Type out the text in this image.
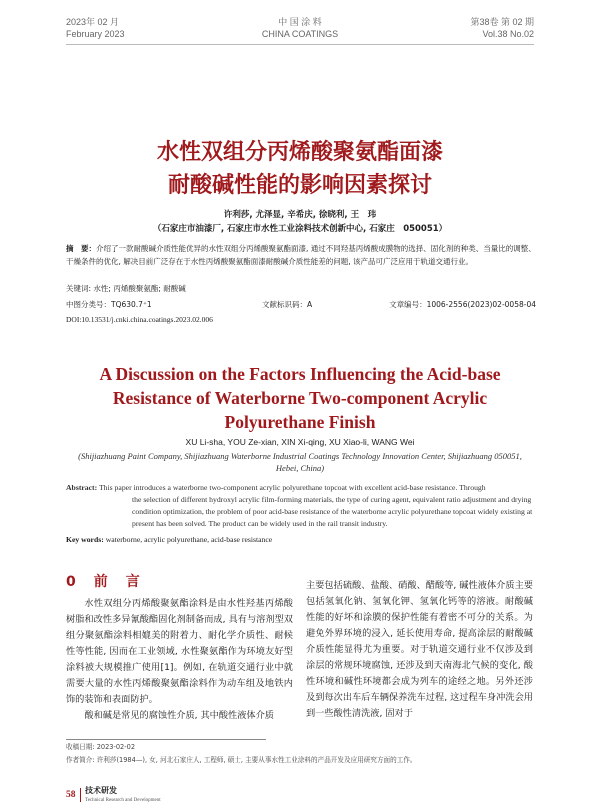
2023年 02 月
February 2023
中 国 涂 料
CHINA COATINGS
第38卷 第 02 期
Vol.38 No.02
水性双组分丙烯酸聚氨酯面漆
耐酸碱性能的影响因素探讨
许利莎, 尤泽显, 辛希庆, 徐晓利, 王　玮
（石家庄市油漆厂, 石家庄市水性工业涂料技术创新中心, 石家庄　050051）
摘　要：介绍了一款耐酸碱介质性能优异的水性双组分丙烯酸聚氨酯面漆, 通过不同羟基丙烯酸成膜物的选择、固化剂的种类、当量比的调整、干燥条件的优化, 解决目前广泛存在于水性丙烯酸聚氨酯面漆耐酸碱介质性能差的问题, 该产品可广泛应用于轨道交通行业。
关键词: 水性; 丙烯酸聚氨酯; 耐酸碱
中图分类号：TQ630.7⁺1	文献标识码：A	文章编号：1006-2556(2023)02-0058-04
DOI:10.13531/j.cnki.china.coatings.2023.02.006
A Discussion on the Factors Influencing the Acid-base
Resistance of Waterborne Two-component Acrylic
Polyurethane Finish
XU Li-sha, YOU Ze-xian, XIN Xi-qing, XU Xiao-li, WANG Wei
(Shijiazhuang Paint Company, Shijiazhuang Waterborne Industrial Coatings Technology Innovation Center, Shijiazhuang 050051, Hebei, China)
Abstract: This paper introduces a waterborne two-component acrylic polyurethane topcoat with excellent acid-base resistance. Through
the selection of different hydroxyl acrylic film-forming materials, the type of curing agent, equivalent ratio adjustment and drying condition optimization, the problem of poor acid-base resistance of the waterborne acrylic polyurethane topcoat widely existing at present has been solved. The product can be widely used in the rail transit industry.
Key words: waterborne, acrylic polyurethane, acid-base resistance
0　前　言

水性双组分丙烯酸聚氨酯涂料是由水性羟基丙烯酸树脂和改性多异氰酸酯固化剂制备而成, 具有与溶剂型双组分聚氨酯涂料相媲美的附着力、耐化学介质性、耐候性等性能, 因而在工业领域, 水性聚氨酯作为环境友好型涂料被大规模推广使用[1]。例如, 在轨道交通行业中就需要大量的水性丙烯酸聚氨酯涂料作为动车组及地铁内饰的装饰和表面防护。

酸和碱是常见的腐蚀性介质, 其中酸性液体介质

主要包括硫酸、盐酸、硝酸、醋酸等, 碱性液体介质主要包括氢氧化钠、氢氧化钾、氢氧化钙等的溶液。耐酸碱性能的好坏和涂膜的保护性能有着密不可分的关系。为避免外界环境的浸入, 延长使用寿命, 提高涂层的耐酸碱介质性能显得尤为重要。对于轨道交通行业不仅涉及到涂层的常规环境腐蚀, 还涉及到天南海北气候的变化, 酸性环境和碱性环境都会成为列车的途经之地。另外还涉及到每次出车后车辆保养洗车过程, 这过程车身冲洗会用到一些酸性清洗液, 固对于

收稿日期: 2023-02-02
作者简介: 许利莎(1984—), 女, 河北石家庄人, 工程师, 硕士, 主要从事水性工业涂料的产品开发及应用研究方面的工作。
58 技术研发
Technical Research and Development
